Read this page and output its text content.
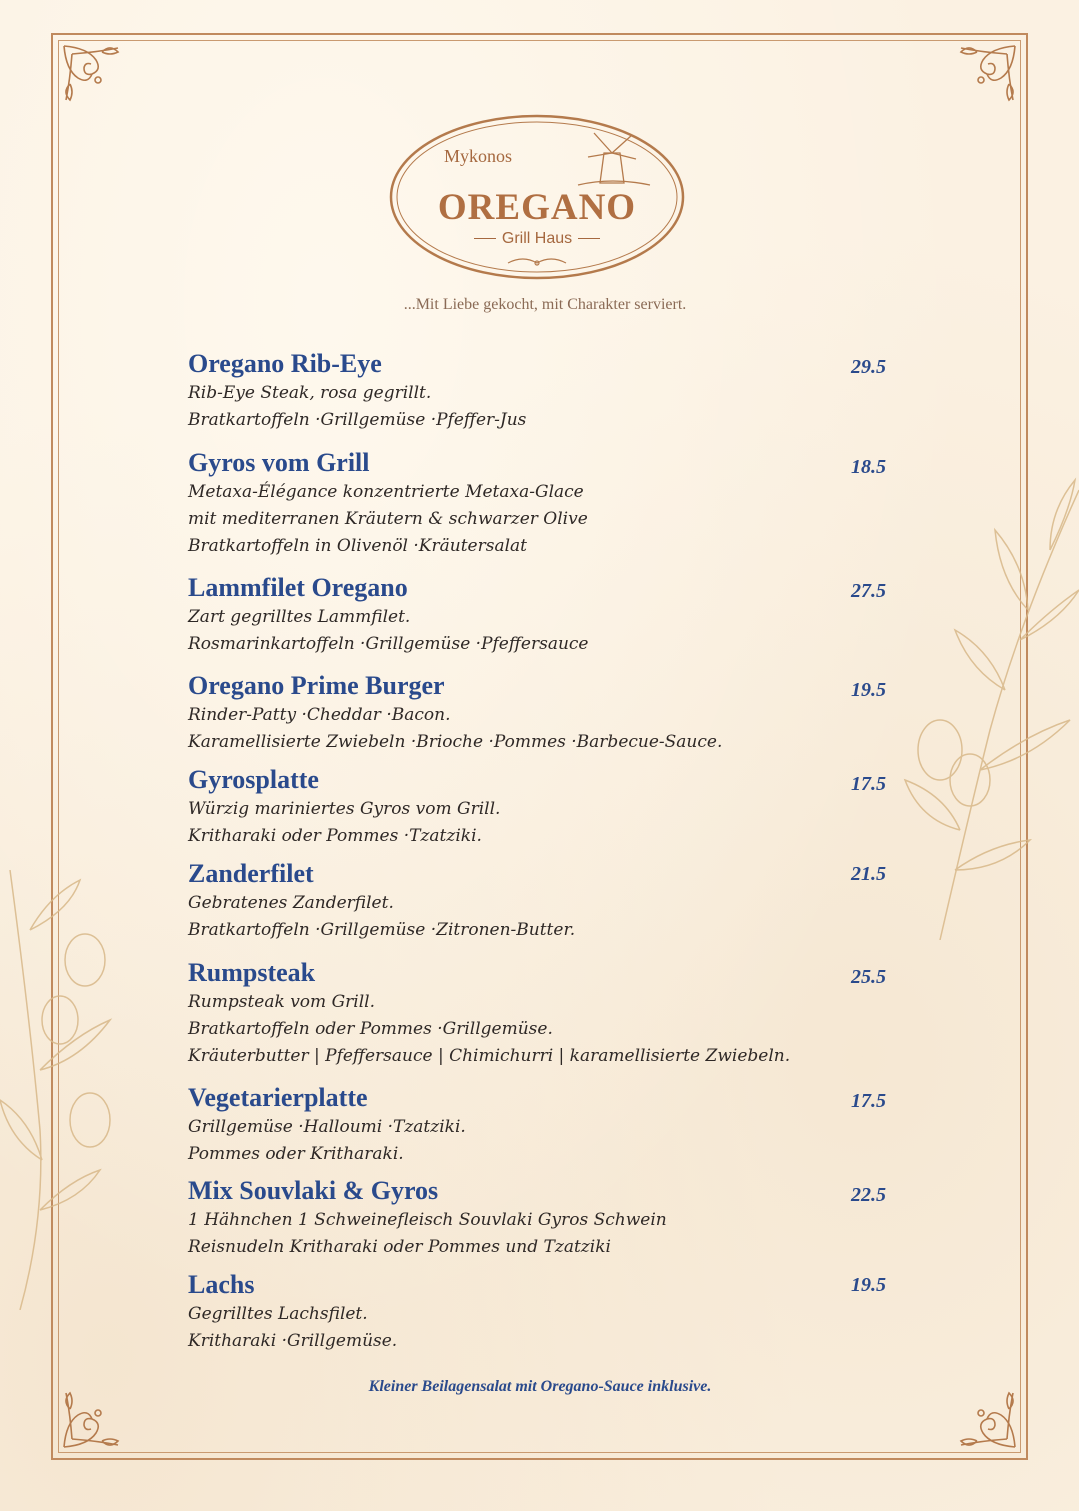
Mykonos
OREGANO
Grill Haus
...Mit Liebe gekocht, mit Charakter serviert.
Oregano Rib-Eye
Rib-Eye Steak, rosa gegrillt.
Bratkartoffeln ·Grillgemüse ·Pfeffer-Jus
29.5
Gyros vom Grill
Metaxa-Élégance konzentrierte Metaxa-Glace
mit mediterranen Kräutern & schwarzer Olive
Bratkartoffeln in Olivenöl ·Kräutersalat
18.5
Lammfilet Oregano
Zart gegrilltes Lammfilet.
Rosmarinkartoffeln ·Grillgemüse ·Pfeffersauce
27.5
Oregano Prime Burger
Rinder-Patty ·Cheddar ·Bacon.
Karamellisierte Zwiebeln ·Brioche ·Pommes ·Barbecue-Sauce.
19.5
Gyrosplatte
Würzig mariniertes Gyros vom Grill.
Kritharaki oder Pommes ·Tzatziki.
17.5
Zanderfilet
Gebratenes Zanderfilet.
Bratkartoffeln ·Grillgemüse ·Zitronen-Butter.
21.5
Rumpsteak
Rumpsteak vom Grill.
Bratkartoffeln oder Pommes ·Grillgemüse.
Kräuterbutter | Pfeffersauce | Chimichurri | karamellisierte Zwiebeln.
25.5
Vegetarierplatte
Grillgemüse ·Halloumi ·Tzatziki.
Pommes oder Kritharaki.
17.5
Mix Souvlaki & Gyros
1 Hähnchen 1 Schweinefleisch Souvlaki Gyros Schwein
Reisnudeln Kritharaki oder Pommes und Tzatziki
22.5
Lachs
Gegrilltes Lachsfilet.
Kritharaki ·Grillgemüse.
19.5
Kleiner Beilagensalat mit Oregano-Sauce inklusive.
